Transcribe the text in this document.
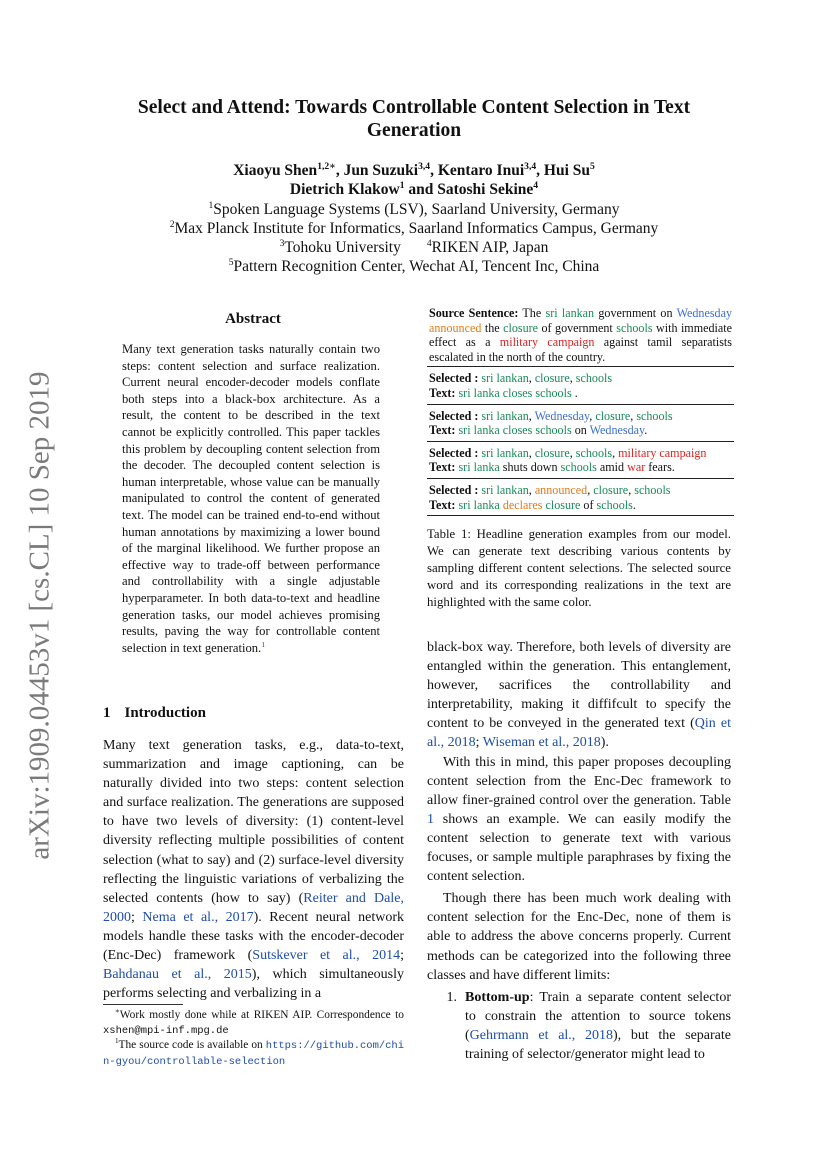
arXiv:1909.04453v1 [cs.CL] 10 Sep 2019
Select and Attend: Towards Controllable Content Selection in Text Generation
Xiaoyu Shen$^{1,2∗}$, Jun Suzuki$^{3,4}$, Kentaro Inui$^{3,4}$, Hui Su$^5$
Dietrich Klakow$^1$ and Satoshi Sekine$^4$
$^1$Spoken Language Systems (LSV), Saarland University, Germany
$^2$Max Planck Institute for Informatics, Saarland Informatics Campus, Germany
$^3$Tohoku University	$^4$RIKEN AIP, Japan
$^5$Pattern Recognition Center, Wechat AI, Tencent Inc, China
Abstract
Many text generation tasks naturally contain two steps: content selection and surface realization. Current neural encoder-decoder models conflate both steps into a black-box architecture. As a result, the content to be described in the text cannot be explicitly controlled. This paper tackles this problem by decoupling content selection from the decoder. The decoupled content selection is human interpretable, whose value can be manually manipulated to control the content of generated text. The model can be trained end-to-end without human annotations by maximizing a lower bound of the marginal likelihood. We further propose an effective way to trade-off between performance and controllability with a single adjustable hyperparameter. In both data-to-text and headline generation tasks, our model achieves promising results, paving the way for controllable content selection in text generation.$^1$
1 Introduction

Many text generation tasks, e.g., data-to-text, summarization and image captioning, can be naturally divided into two steps: content selection and surface realization. The generations are supposed to have two levels of diversity: (1) content-level diversity reflecting multiple possibilities of content selection (what to say) and (2) surface-level diversity reflecting the linguistic variations of verbalizing the selected contents (how to say) (Reiter and Dale, 2000; Nema et al., 2017). Recent neural network models handle these tasks with the encoder-decoder (Enc-Dec) framework (Sutskever et al., 2014; Bahdanau et al., 2015), which simultaneously performs selecting and verbalizing in a

∗Work mostly done while at RIKEN AIP. Correspondence to xshen@mpi-inf.mpg.de

$^1$The source code is available on https://github.com/chin-gyou/controllable-selection

Source Sentence: The sri lankan government on Wednesday announced the closure of government schools with immediate effect as a military campaign against tamil separatists escalated in the north of the country.
Selected : sri lankan, closure, schools
Text: sri lanka closes schools .
Selected : sri lankan, Wednesday, closure, schools
Text: sri lanka closes schools on Wednesday.
Selected : sri lankan, closure, schools, military campaign
Text: sri lanka shuts down schools amid war fears.
Selected : sri lankan, announced, closure, schools
Text: sri lanka declares closure of schools.
Table 1: Headline generation examples from our model. We can generate text describing various contents by sampling different content selections. The selected source word and its corresponding realizations in the text are highlighted with the same color.

black-box way. Therefore, both levels of diversity are entangled within the generation. This entanglement, however, sacrifices the controllability and interpretability, making it diffifcult to specify the content to be conveyed in the generated text (Qin et al., 2018; Wiseman et al., 2018).

With this in mind, this paper proposes decoupling content selection from the Enc-Dec framework to allow finer-grained control over the generation. Table 1 shows an example. We can easily modify the content selection to generate text with various focuses, or sample multiple paraphrases by fixing the content selection.

Though there has been much work dealing with content selection for the Enc-Dec, none of them is able to address the above concerns properly. Current methods can be categorized into the following three classes and have different limits:

1. Bottom-up: Train a separate content selector to constrain the attention to source tokens (Gehrmann et al., 2018), but the separate training of selector/generator might lead to
